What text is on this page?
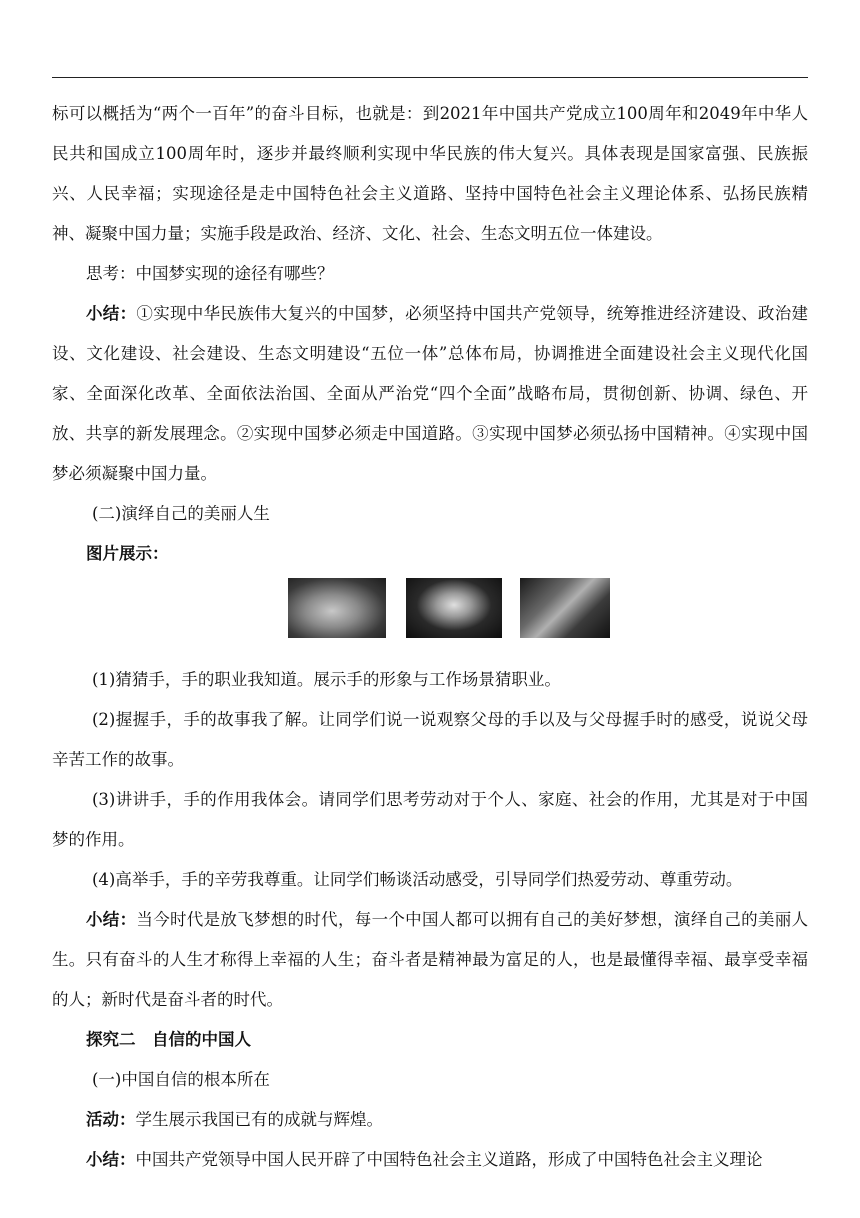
标可以概括为“两个一百年”的奋斗目标，也就是：到2021年中国共产党成立100周年和2049年中华人民共和国成立100周年时，逐步并最终顺利实现中华民族的伟大复兴。具体表现是国家富强、民族振兴、人民幸福；实现途径是走中国特色社会主义道路、坚持中国特色社会主义理论体系、弘扬民族精神、凝聚中国力量；实施手段是政治、经济、文化、社会、生态文明五位一体建设。

思考：中国梦实现的途径有哪些？

小结：①实现中华民族伟大复兴的中国梦，必须坚持中国共产党领导，统筹推进经济建设、政治建设、文化建设、社会建设、生态文明建设“五位一体”总体布局，协调推进全面建设社会主义现代化国家、全面深化改革、全面依法治国、全面从严治党“四个全面”战略布局，贯彻创新、协调、绿色、开放、共享的新发展理念。②实现中国梦必须走中国道路。③实现中国梦必须弘扬中国精神。④实现中国梦必须凝聚中国力量。

(二)演绎自己的美丽人生

图片展示：

(1)猜猜手，手的职业我知道。展示手的形象与工作场景猜职业。

(2)握握手，手的故事我了解。让同学们说一说观察父母的手以及与父母握手时的感受，说说父母辛苦工作的故事。

(3)讲讲手，手的作用我体会。请同学们思考劳动对于个人、家庭、社会的作用，尤其是对于中国梦的作用。

(4)高举手，手的辛劳我尊重。让同学们畅谈活动感受，引导同学们热爱劳动、尊重劳动。

小结：当今时代是放飞梦想的时代，每一个中国人都可以拥有自己的美好梦想，演绎自己的美丽人生。只有奋斗的人生才称得上幸福的人生；奋斗者是精神最为富足的人，也是最懂得幸福、最享受幸福的人；新时代是奋斗者的时代。

探究二　自信的中国人

(一)中国自信的根本所在

活动：学生展示我国已有的成就与辉煌。

小结：中国共产党领导中国人民开辟了中国特色社会主义道路，形成了中国特色社会主义理论
